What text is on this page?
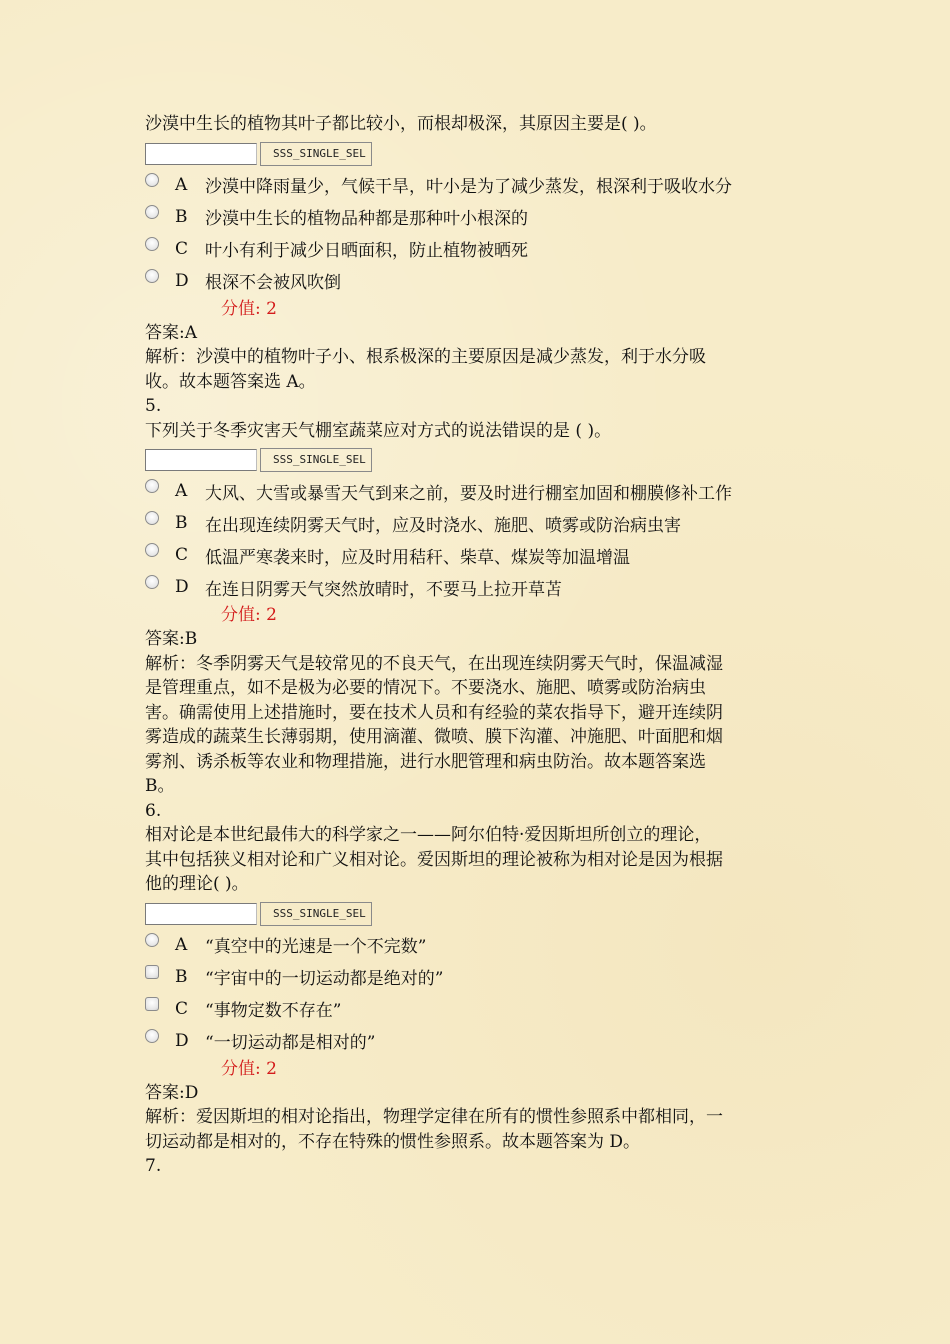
沙漠中生长的植物其叶子都比较小，而根却极深，其原因主要是( )。
SSS_SINGLE_SEL
A	沙漠中降雨量少，气候干旱，叶小是为了减少蒸发，根深利于吸收水分
B	沙漠中生长的植物品种都是那种叶小根深的
C 叶小有利于减少日晒面积，防止植物被晒死
D 根深不会被风吹倒
分值: 2
答案:A
解析：沙漠中的植物叶子小、根系极深的主要原因是减少蒸发，利于水分吸
收。故本题答案选 A。
5.
下列关于冬季灾害天气棚室蔬菜应对方式的说法错误的是 ( )。
SSS_SINGLE_SEL
A	大风、大雪或暴雪天气到来之前，要及时进行棚室加固和棚膜修补工作
B	在出现连续阴雾天气时，应及时浇水、施肥、喷雾或防治病虫害
C 低温严寒袭来时，应及时用秸秆、柴草、煤炭等加温增温
D 在连日阴雾天气突然放晴时，不要马上拉开草苫
分值: 2
答案:B
解析：冬季阴雾天气是较常见的不良天气，在出现连续阴雾天气时，保温减湿
是管理重点，如不是极为必要的情况下。不要浇水、施肥、喷雾或防治病虫
害。确需使用上述措施时，要在技术人员和有经验的菜农指导下，避开连续阴
雾造成的蔬菜生长薄弱期，使用滴灌、微喷、膜下沟灌、冲施肥、叶面肥和烟
雾剂、诱杀板等农业和物理措施，进行水肥管理和病虫防治。故本题答案选
B。
6.
相对论是本世纪最伟大的科学家之一——阿尔伯特·爱因斯坦所创立的理论，
其中包括狭义相对论和广义相对论。爱因斯坦的理论被称为相对论是因为根据
他的理论( )。
SSS_SINGLE_SEL
A	“真空中的光速是一个不完数”
B	“宇宙中的一切运动都是绝对的”
C “事物定数不存在”
D “一切运动都是相对的”
分值: 2
答案:D
解析：爱因斯坦的相对论指出，物理学定律在所有的惯性参照系中都相同，一
切运动都是相对的，不存在特殊的惯性参照系。故本题答案为 D。
7.
